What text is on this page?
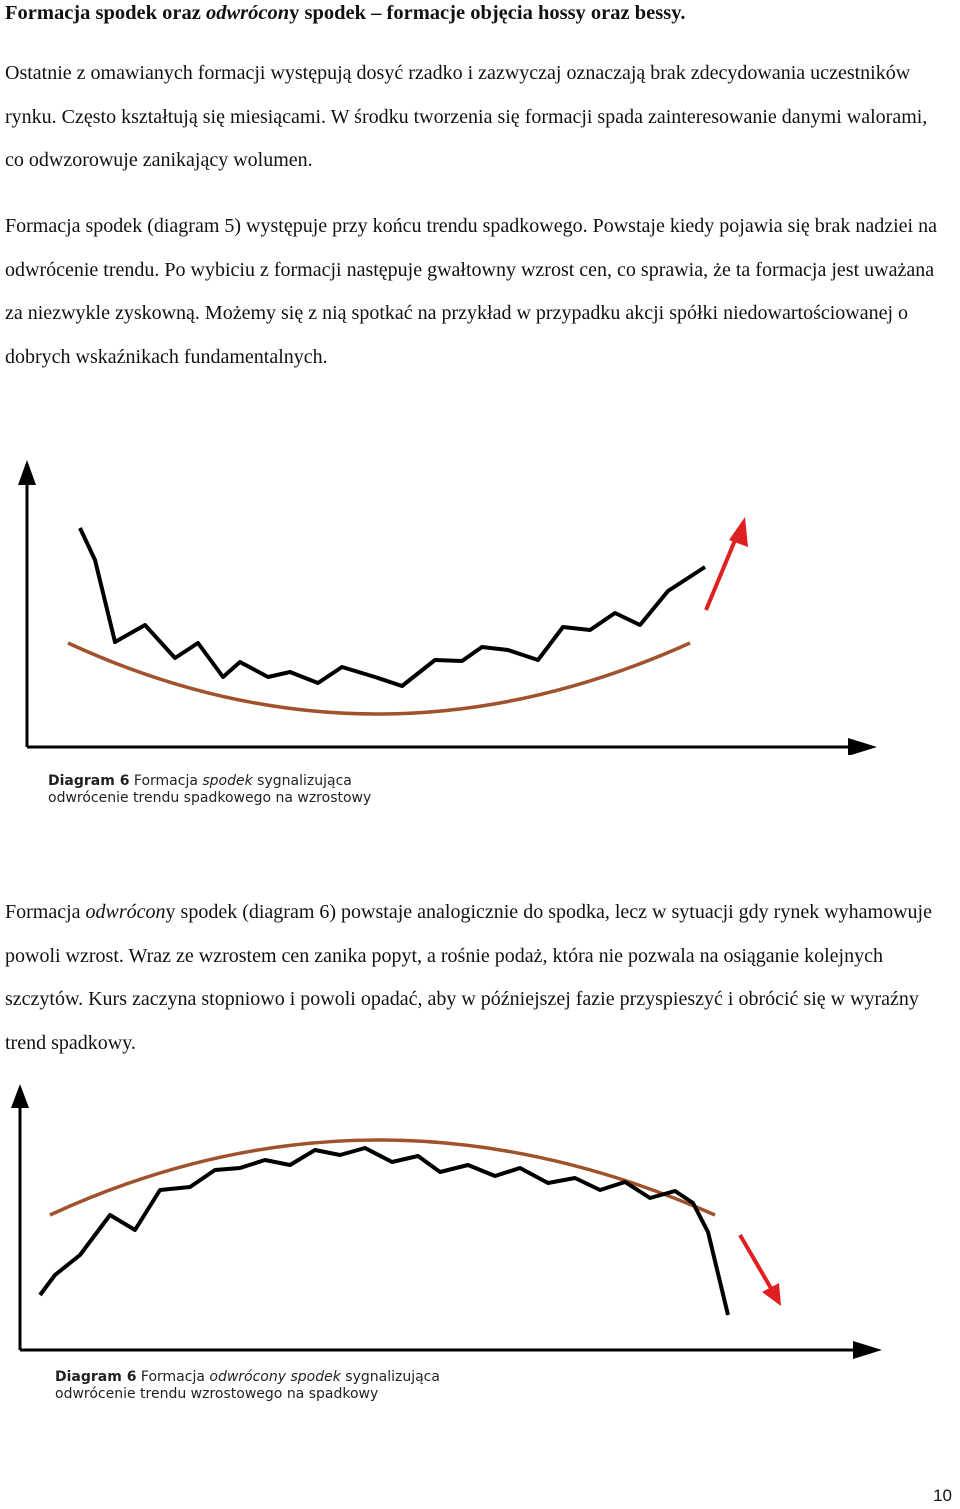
Formacja spodek oraz odwrócony spodek – formacje objęcia hossy oraz bessy.

Ostatnie z omawianych formacji występują dosyć rzadko i zazwyczaj oznaczają brak zdecydowania uczestników rynku. Często kształtują się miesiącami. W środku tworzenia się formacji spada zainteresowanie danymi walorami, co odwzorowuje zanikający wolumen.

Formacja spodek (diagram 5) występuje przy końcu trendu spadkowego. Powstaje kiedy pojawia się brak nadziei na odwrócenie trendu. Po wybiciu z formacji następuje gwałtowny wzrost cen, co sprawia, że ta formacja jest uważana za niezwykle zyskowną. Możemy się z nią spotkać na przykład w przypadku akcji spółki niedowartościowanej o dobrych wskaźnikach fundamentalnych.

Diagram 6 Formacja spodek sygnalizująca
odwrócenie trendu spadkowego na wzrostowy

Formacja odwrócony spodek (diagram 6) powstaje analogicznie do spodka, lecz w sytuacji gdy rynek wyhamowuje powoli wzrost. Wraz ze wzrostem cen zanika popyt, a rośnie podaż, która nie pozwala na osiąganie kolejnych szczytów. Kurs zaczyna stopniowo i powoli opadać, aby w późniejszej fazie przyspieszyć i obrócić się w wyraźny trend spadkowy.

Diagram 6 Formacja odwrócony spodek sygnalizująca
odwrócenie trendu wzrostowego na spadkowy
10
